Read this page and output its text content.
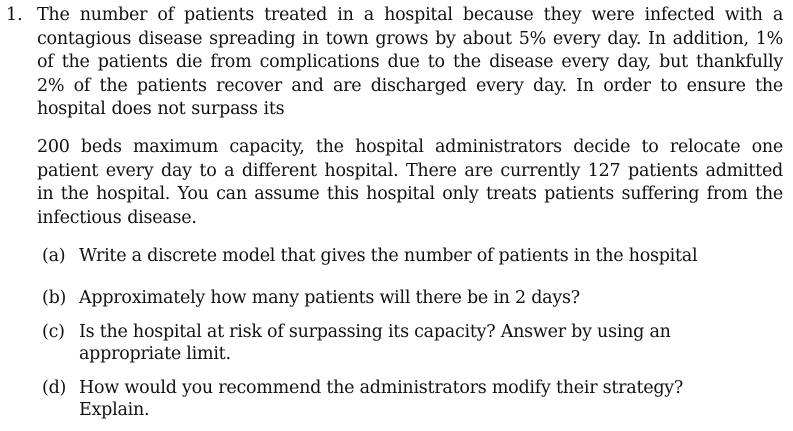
1. The number of patients treated in a hospital because they were infected with a contagious disease spreading in town grows by about 5% every day. In addition, 1% of the patients die from complications due to the disease every day, but thankfully 2% of the patients recover and are discharged every day. In order to ensure the hospital does not surpass its
200 beds maximum capacity, the hospital administrators decide to relocate one patient every day to a different hospital. There are currently 127 patients admitted in the hospital. You can assume this hospital only treats patients suffering from the infectious disease.
(a) Write a discrete model that gives the number of patients in the hospital
(b) Approximately how many patients will there be in 2 days?
(c) Is the hospital at risk of surpassing its capacity? Answer by using an appropriate limit.
(d) How would you recommend the administrators modify their strategy? Explain.
